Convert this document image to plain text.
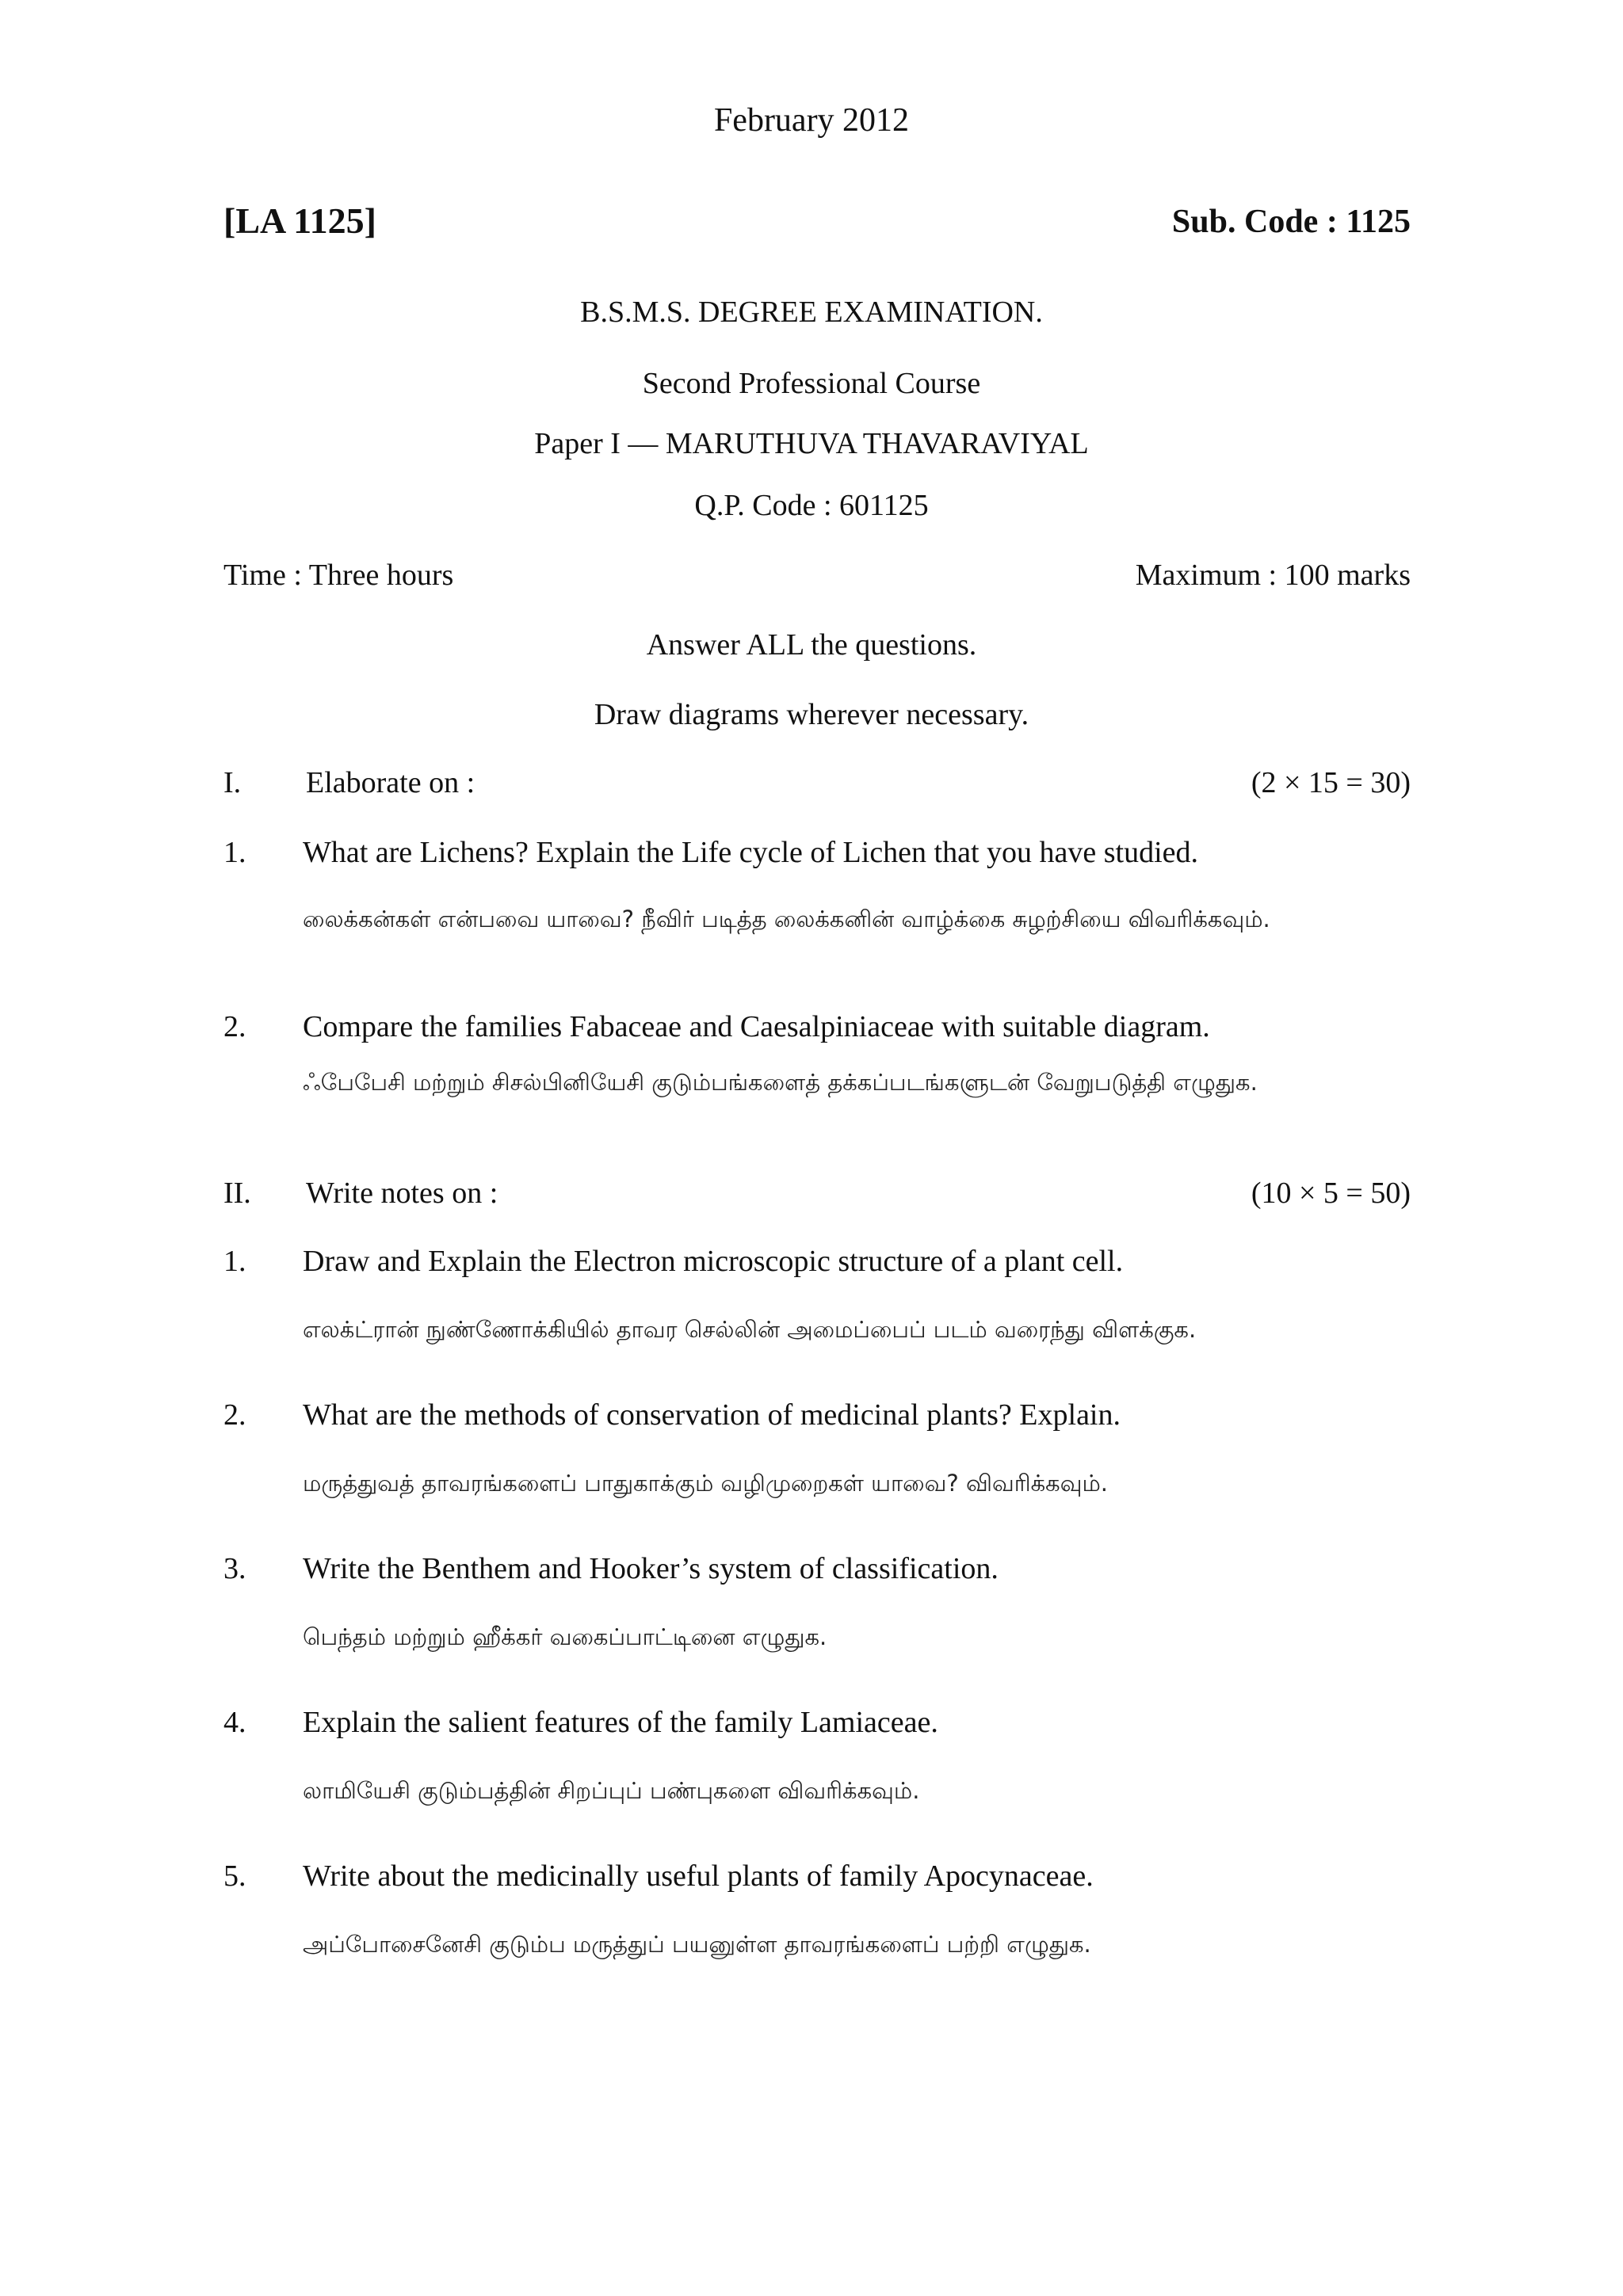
February 2012
[LA 1125]	Sub. Code : 1125
B.S.M.S. DEGREE EXAMINATION.
Second Professional Course
Paper I — MARUTHUVA THAVARAVIYAL
Q.P. Code : 601125
Time : Three hours	Maximum : 100 marks
Answer ALL the questions.
Draw diagrams wherever necessary.
I. Elaborate on :	(2 × 15 = 30)
1. What are Lichens? Explain the Life cycle of Lichen that you have studied.
லைக்கன்கள் என்பவை யாவை? நீவிர் படித்த லைக்கனின் வாழ்க்கை சுழற்சியை விவரிக்கவும்.
2. Compare the families Fabaceae and Caesalpiniaceae with suitable diagram.
ஃபேபேசி மற்றும் சிசல்பினியேசி குடும்பங்களைத் தக்கப்படங்களுடன் வேறுபடுத்தி எழுதுக.
II. Write notes on :	(10 × 5 = 50)
1. Draw and Explain the Electron microscopic structure of a plant cell.
எலக்ட்ரான் நுண்ணோக்கியில் தாவர செல்லின் அமைப்பைப் படம் வரைந்து விளக்குக.
2. What are the methods of conservation of medicinal plants? Explain.
மருத்துவத் தாவரங்களைப் பாதுகாக்கும் வழிமுறைகள் யாவை? விவரிக்கவும்.
3. Write the Benthem and Hooker’s system of classification.
பெந்தம் மற்றும் ஹீக்கர் வகைப்பாட்டினை எழுதுக.
4. Explain the salient features of the family Lamiaceae.
லாமியேசி குடும்பத்தின் சிறப்புப் பண்புகளை விவரிக்கவும்.
5. Write about the medicinally useful plants of family Apocynaceae.
அப்போசைனேசி குடும்ப மருத்துப் பயனுள்ள தாவரங்களைப் பற்றி எழுதுக.
